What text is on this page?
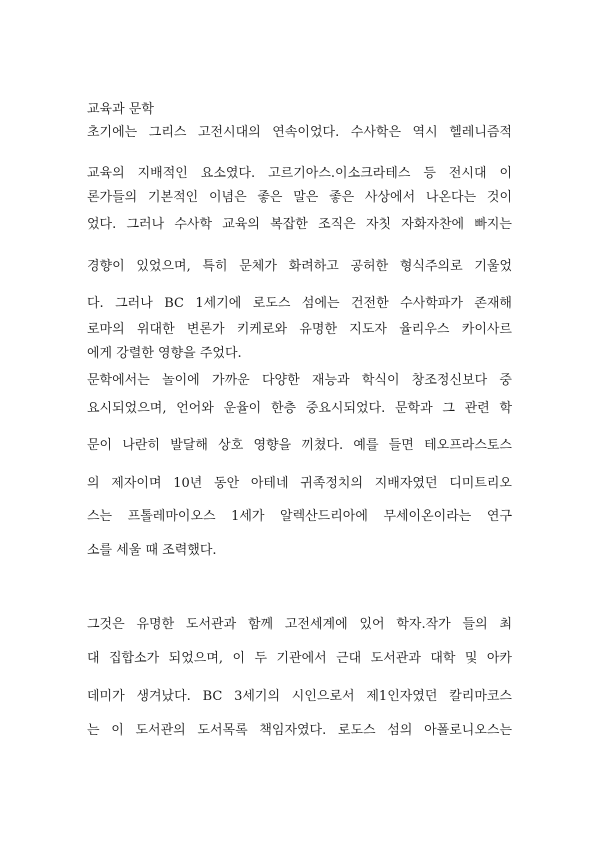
교육과 문학
초기에는 그리스 고전시대의 연속이었다. 수사학은 역시 헬레니즘적
교육의 지배적인 요소였다. 고르기아스.이소크라테스 등 전시대 이
론가들의 기본적인 이념은 좋은 말은 좋은 사상에서 나온다는 것이
었다. 그러나 수사학 교육의 복잡한 조직은 자칫 자화자찬에 빠지는
경향이 있었으며, 특히 문체가 화려하고 공허한 형식주의로 기울었
다. 그러나 BC 1세기에 로도스 섬에는 건전한 수사학파가 존재해
로마의 위대한 변론가 키케로와 유명한 지도자 율리우스 카이사르
에게 강렬한 영향을 주었다.
문학에서는 놀이에 가까운 다양한 재능과 학식이 창조정신보다 중
요시되었으며, 언어와 운율이 한층 중요시되었다. 문학과 그 관련 학
문이 나란히 발달해 상호 영향을 끼쳤다. 예를 들면 테오프라스토스
의 제자이며 10년 동안 아테네 귀족정치의 지배자였던 디미트리오
스는 프톨레마이오스 1세가 알렉산드리아에 무세이온이라는 연구
소를 세울 때 조력했다.
그것은 유명한 도서관과 함께 고전세계에 있어 학자.작가 들의 최
대 집합소가 되었으며, 이 두 기관에서 근대 도서관과 대학 및 아카
데미가 생겨났다. BC 3세기의 시인으로서 제1인자였던 칼리마코스
는 이 도서관의 도서목록 책임자였다. 로도스 섬의 아폴로니오스는
